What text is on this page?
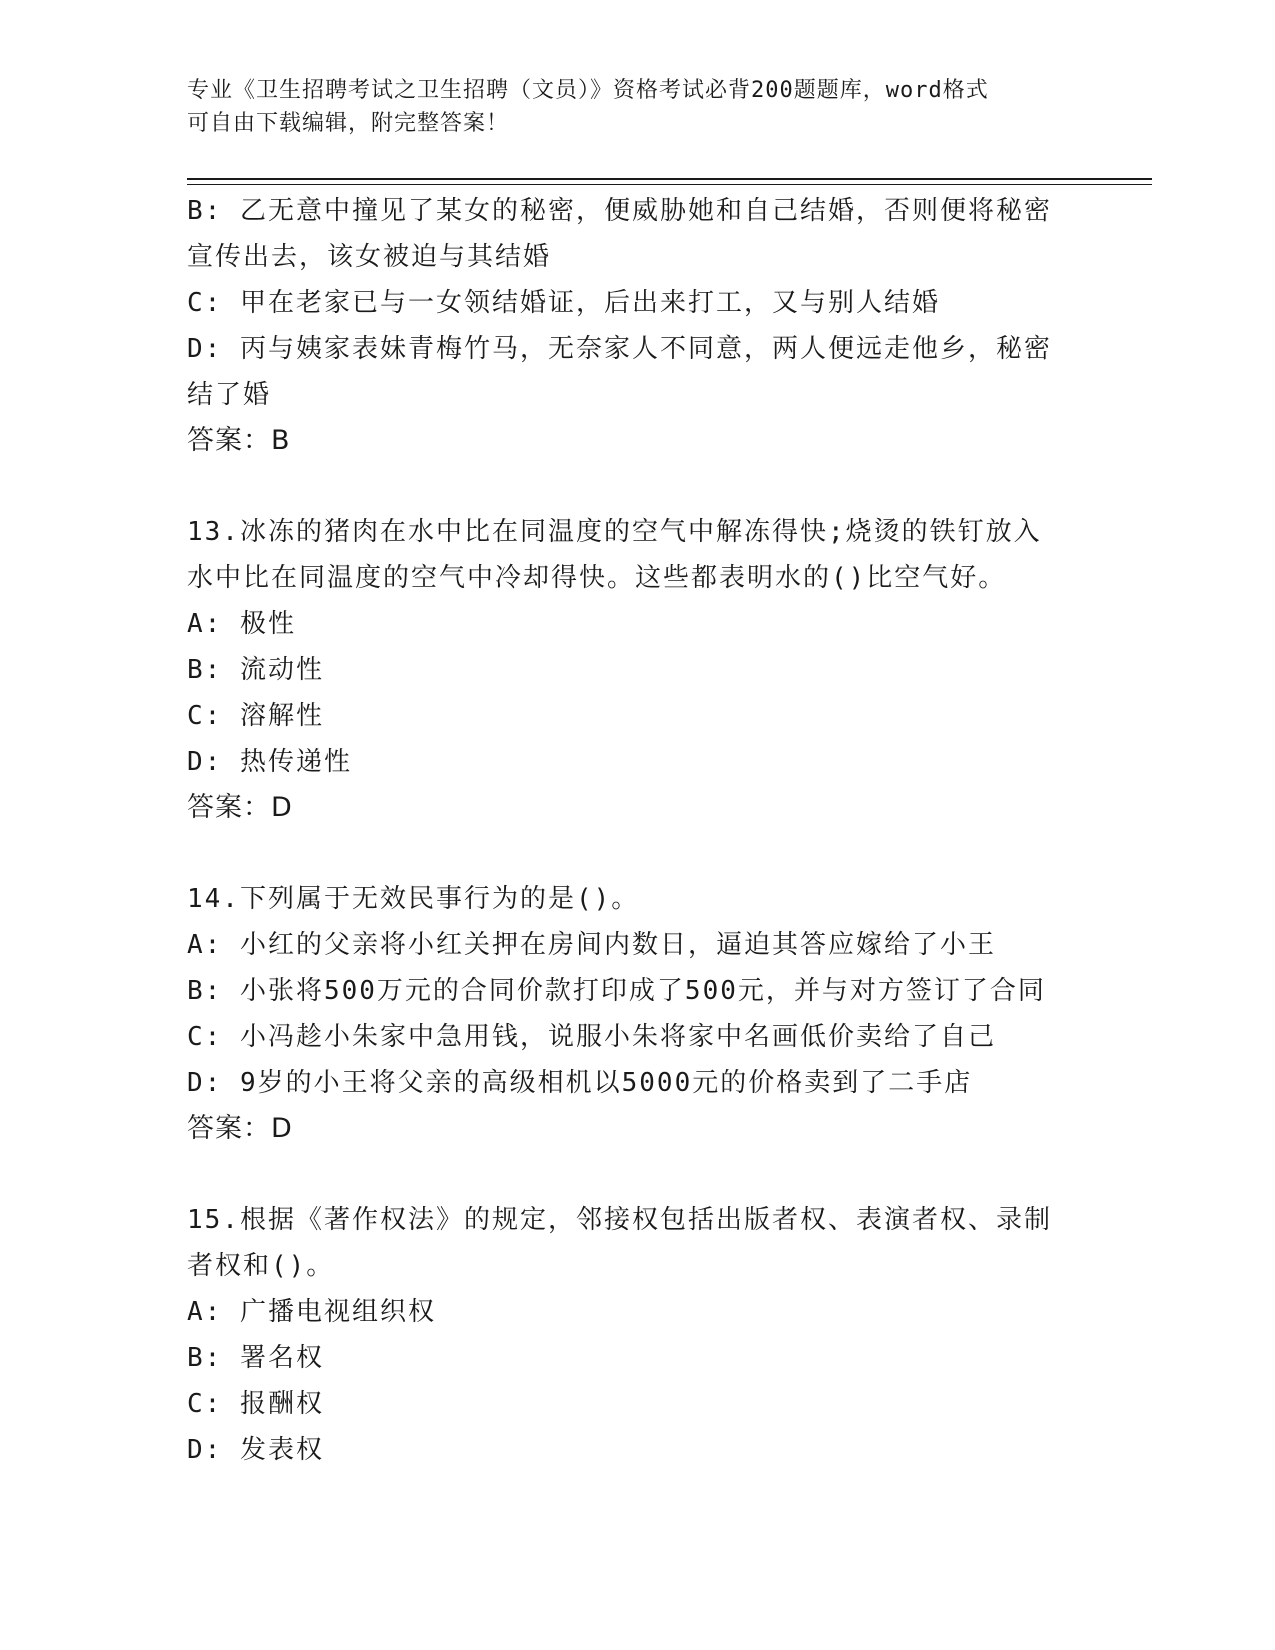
专业《卫生招聘考试之卫生招聘（文员）》资格考试必背200题题库，word格式
可自由下载编辑，附完整答案！
B: 乙无意中撞见了某女的秘密，便威胁她和自己结婚，否则便将秘密
宣传出去，该女被迫与其结婚
C: 甲在老家已与一女领结婚证，后出来打工，又与别人结婚
D: 丙与姨家表妹青梅竹马，无奈家人不同意，两人便远走他乡，秘密
结了婚
答案：B
13.冰冻的猪肉在水中比在同温度的空气中解冻得快;烧烫的铁钉放入
水中比在同温度的空气中冷却得快。这些都表明水的()比空气好。
A: 极性
B: 流动性
C: 溶解性
D: 热传递性
答案：D
14.下列属于无效民事行为的是()。
A: 小红的父亲将小红关押在房间内数日，逼迫其答应嫁给了小王
B: 小张将500万元的合同价款打印成了500元，并与对方签订了合同
C: 小冯趁小朱家中急用钱，说服小朱将家中名画低价卖给了自己
D: 9岁的小王将父亲的高级相机以5000元的价格卖到了二手店
答案：D
15.根据《著作权法》的规定，邻接权包括出版者权、表演者权、录制
者权和()。
A: 广播电视组织权
B: 署名权
C: 报酬权
D: 发表权
